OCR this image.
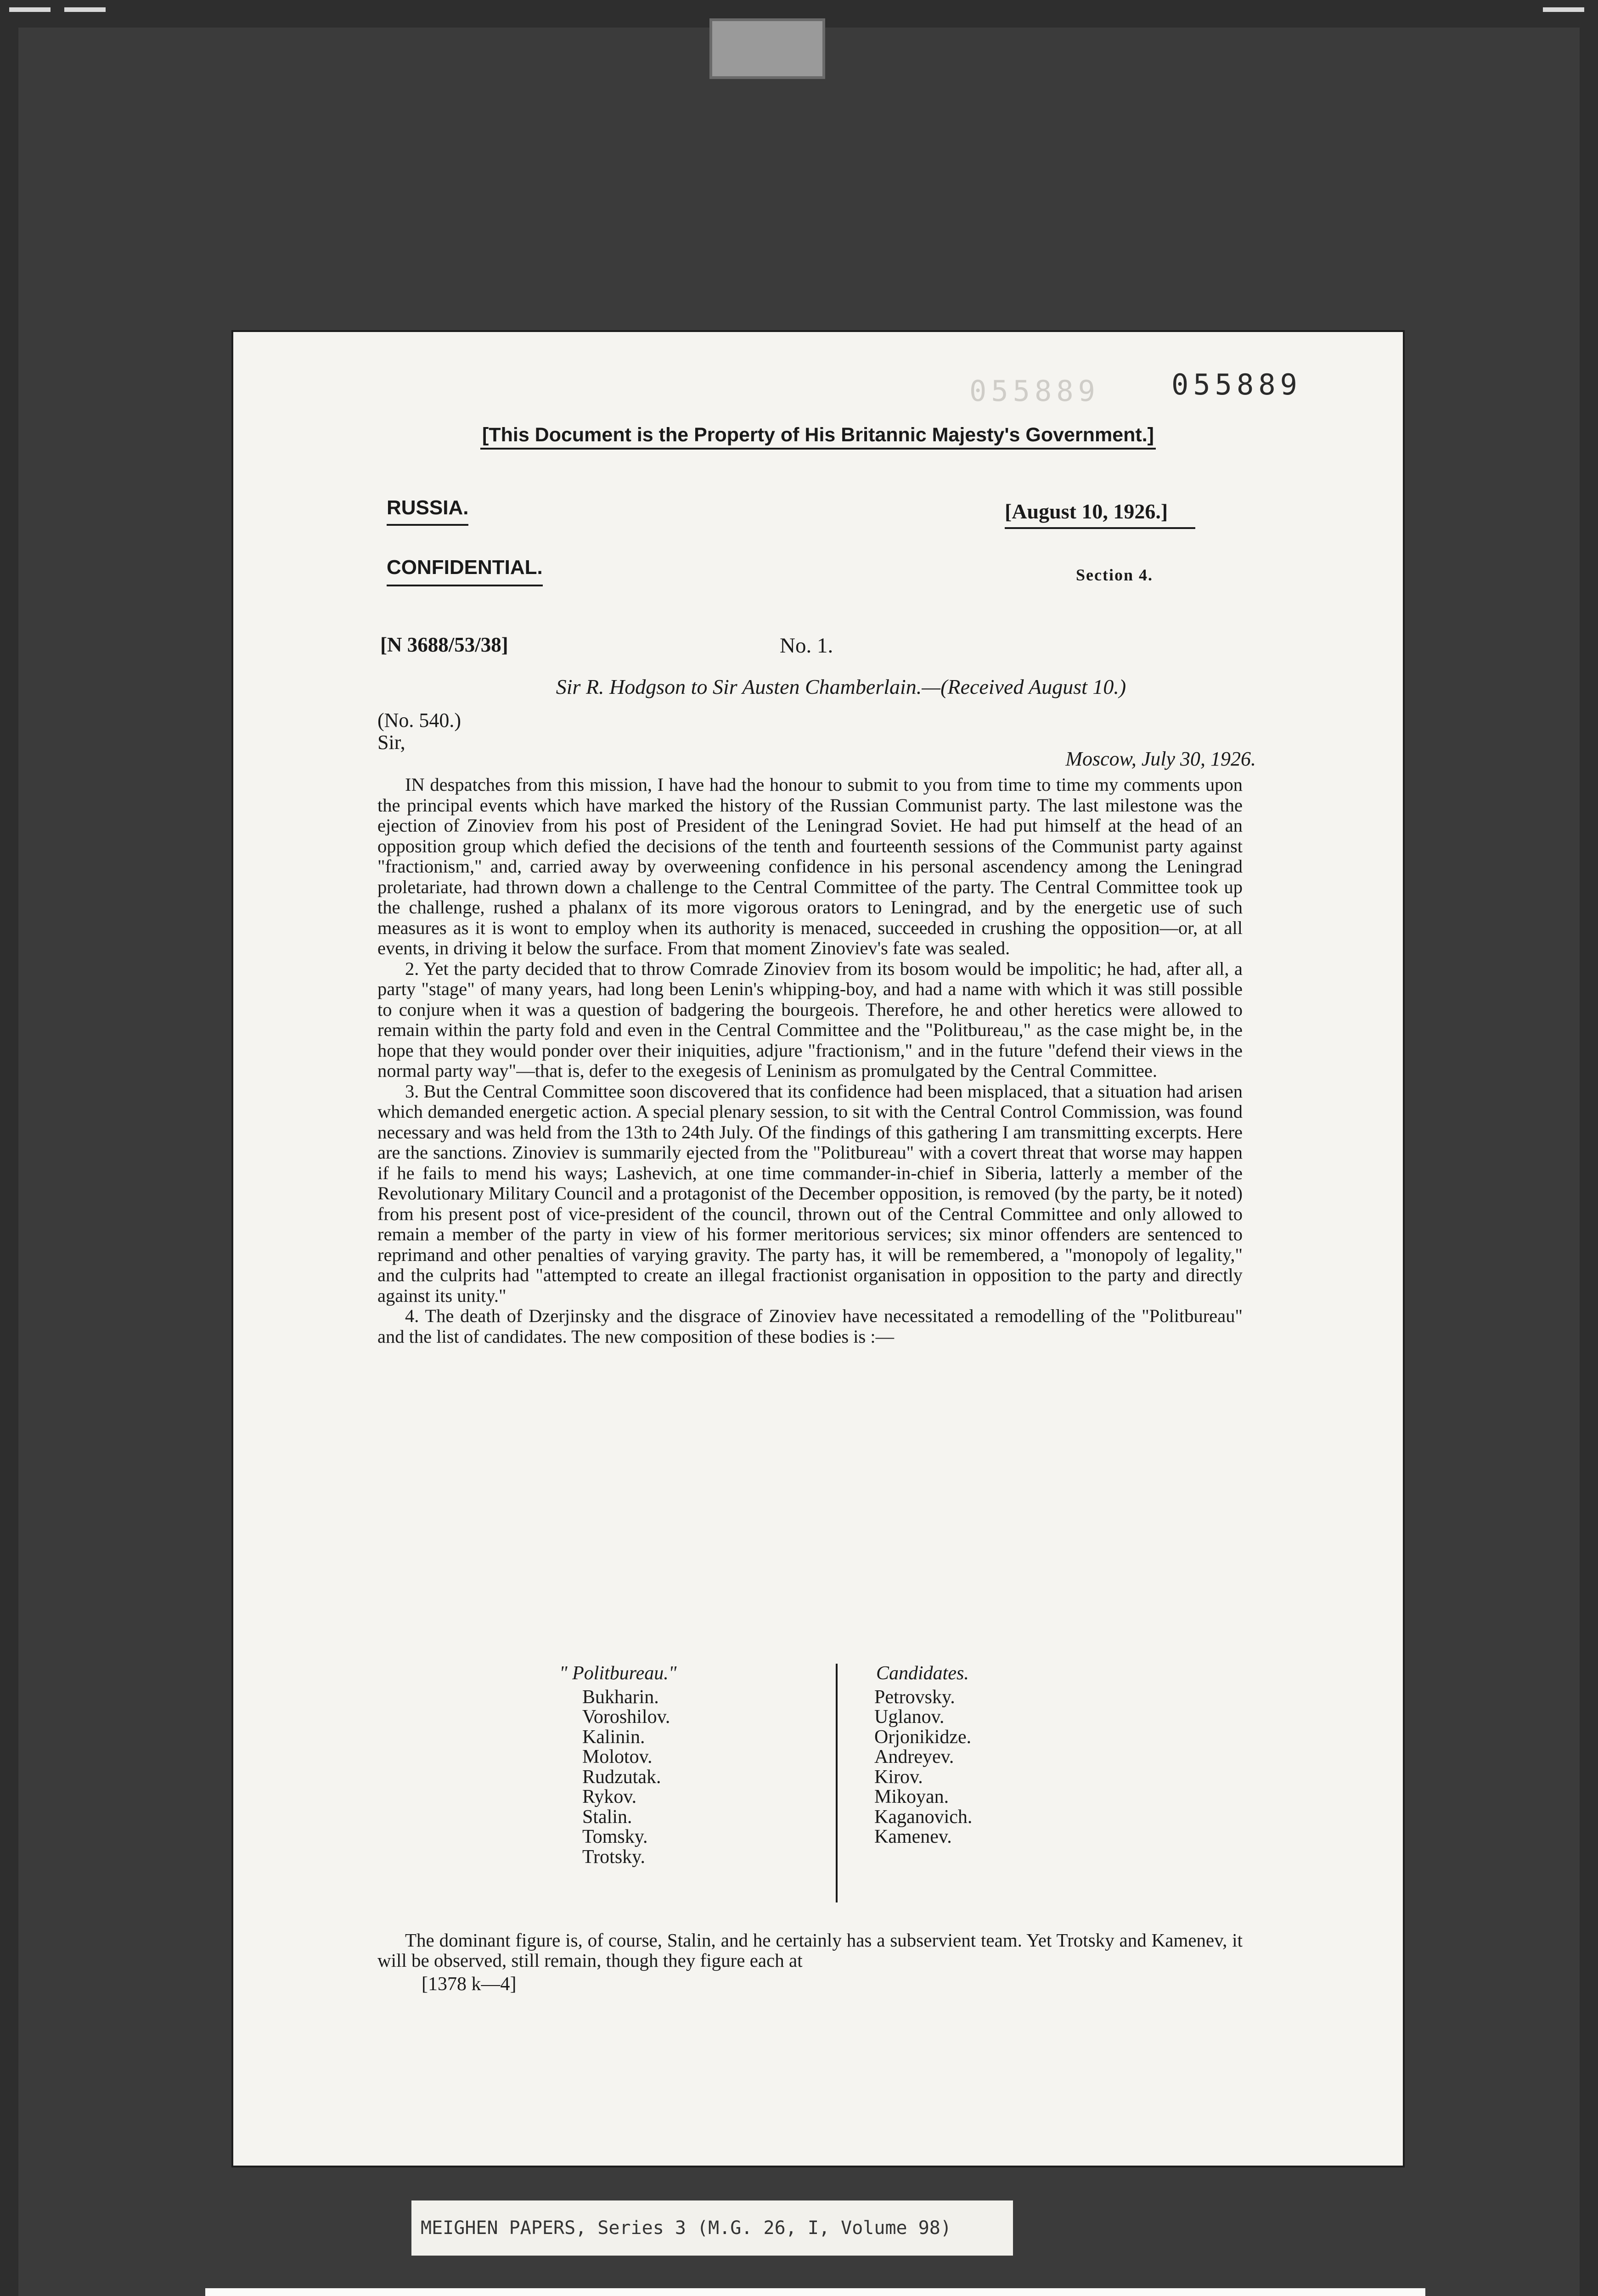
055889	055889
[This Document is the Property of His Britannic Majesty's Government.]
RUSSIA.
CONFIDENTIAL.
[August 10, 1926.]
Section 4.
[N 3688/53/38]	No. 1.
Sir R. Hodgson to Sir Austen Chamberlain.—(Received August 10.)
(No. 540.)
Sir,
Moscow, July 30, 1926.

IN despatches from this mission, I have had the honour to submit to you from time to time my comments upon the principal events which have marked the history of the Russian Communist party. The last milestone was the ejection of Zinoviev from his post of President of the Leningrad Soviet. He had put himself at the head of an opposition group which defied the decisions of the tenth and fourteenth sessions of the Communist party against "fractionism," and, carried away by overweening confidence in his personal ascendency among the Leningrad proletariate, had thrown down a challenge to the Central Committee of the party. The Central Committee took up the challenge, rushed a phalanx of its more vigorous orators to Leningrad, and by the energetic use of such measures as it is wont to employ when its authority is menaced, succeeded in crushing the opposition—or, at all events, in driving it below the surface. From that moment Zinoviev's fate was sealed.

2. Yet the party decided that to throw Comrade Zinoviev from its bosom would be impolitic; he had, after all, a party "stage" of many years, had long been Lenin's whipping-boy, and had a name with which it was still possible to conjure when it was a question of badgering the bourgeois. Therefore, he and other heretics were allowed to remain within the party fold and even in the Central Committee and the "Politbureau," as the case might be, in the hope that they would ponder over their iniquities, adjure "fractionism," and in the future "defend their views in the normal party way"—that is, defer to the exegesis of Leninism as promulgated by the Central Committee.

3. But the Central Committee soon discovered that its confidence had been misplaced, that a situation had arisen which demanded energetic action. A special plenary session, to sit with the Central Control Commission, was found necessary and was held from the 13th to 24th July. Of the findings of this gathering I am transmitting excerpts. Here are the sanctions. Zinoviev is summarily ejected from the "Politbureau" with a covert threat that worse may happen if he fails to mend his ways; Lashevich, at one time commander-in-chief in Siberia, latterly a member of the Revolutionary Military Council and a protagonist of the December opposition, is removed (by the party, be it noted) from his present post of vice-president of the council, thrown out of the Central Committee and only allowed to remain a member of the party in view of his former meritorious services; six minor offenders are sentenced to reprimand and other penalties of varying gravity. The party has, it will be remembered, a "monopoly of legality," and the culprits had "attempted to create an illegal fractionist organisation in opposition to the party and directly against its unity."

4. The death of Dzerjinsky and the disgrace of Zinoviev have necessitated a remodelling of the "Politbureau" and the list of candidates. The new composition of these bodies is :—

" Politbureau."
Bukharin.
Voroshilov.
Kalinin.
Molotov.
Rudzutak.
Rykov.
Stalin.
Tomsky.
Trotsky.
Candidates.
Petrovsky.
Uglanov.
Orjonikidze.
Andreyev.
Kirov.
Mikoyan.
Kaganovich.
Kamenev.

The dominant figure is, of course, Stalin, and he certainly has a subservient team. Yet Trotsky and Kamenev, it will be observed, still remain, though they figure each at

[1378 k—4]
MEIGHEN PAPERS, Series 3 (M.G. 26, I, Volume 98)
